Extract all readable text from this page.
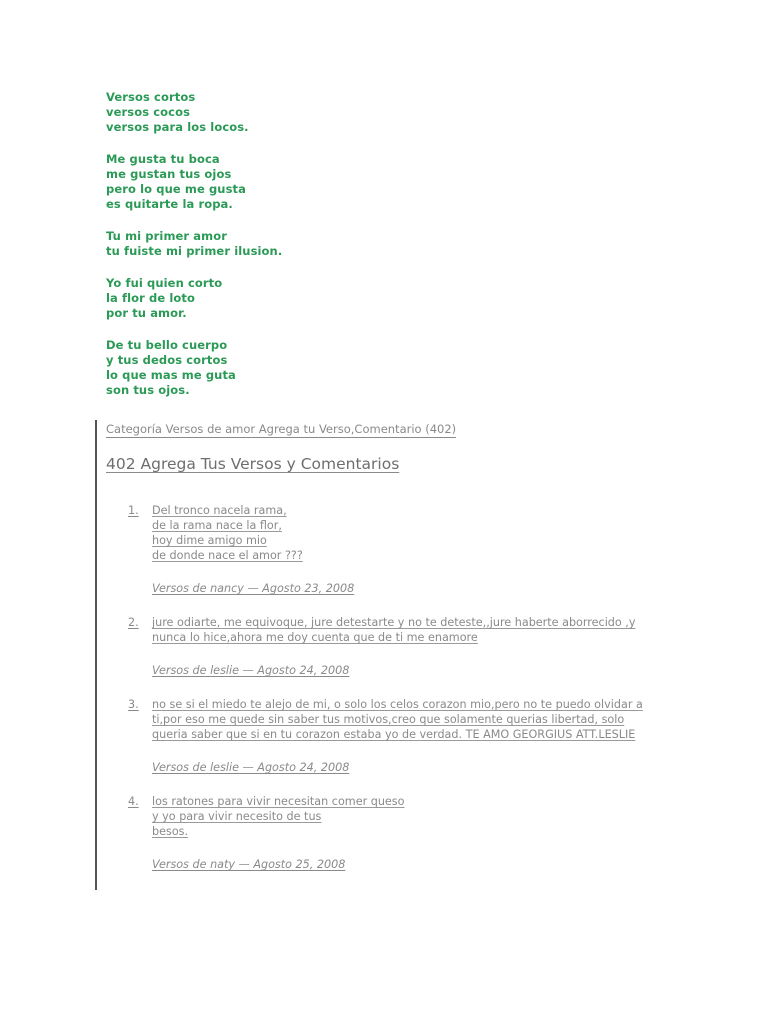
Versos cortos
versos cocos
versos para los locos.

Me gusta tu boca
me gustan tus ojos
pero lo que me gusta
es quitarte la ropa.

Tu mi primer amor
tu fuiste mi primer ilusion.

Yo fui quien corto
la flor de loto
por tu amor.

De tu bello cuerpo
y tus dedos cortos
lo que mas me guta
son tus ojos.

Categoría Versos de amor Agrega tu Verso,Comentario (402)
402 Agrega Tus Versos y Comentarios
1. Del tronco nacela rama,
de la rama nace la flor,
hoy dime amigo mio
de donde nace el amor ???
Versos de nancy — Agosto 23, 2008
2. jure odiarte, me equivoque, jure detestarte y no te deteste,,jure haberte aborrecido ,y
nunca lo hice,ahora me doy cuenta que de ti me enamore
Versos de leslie — Agosto 24, 2008
3. no se si el miedo te alejo de mi, o solo los celos corazon mio,pero no te puedo olvidar a
ti,por eso me quede sin saber tus motivos,creo que solamente querias libertad, solo
queria saber que si en tu corazon estaba yo de verdad. TE AMO GEORGIUS ATT.LESLIE
Versos de leslie — Agosto 24, 2008
4. los ratones para vivir necesitan comer queso
y yo para vivir necesito de tus
besos.
Versos de naty — Agosto 25, 2008
